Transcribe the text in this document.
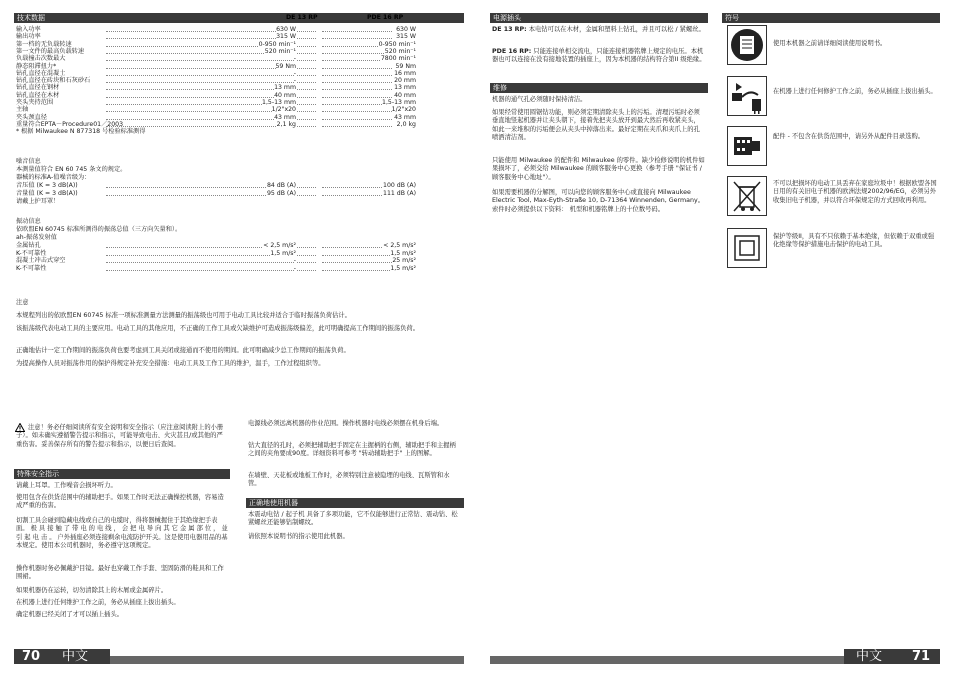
技术数据	DE 13 RP	PDE 16 RP
输入功率	630 W	630 W
输出功率	315 W	315 W
第一档的无负载转速	0-950 min⁻¹	0-950 min⁻¹
第一文件的最高负载转速	520 min⁻¹	520 min⁻¹
负载撞击次数最大	-	7800 min⁻¹
静态阻滞扭力*	59 Nm	59 Nm
钻孔直径在混凝土	-	16 mm
钻孔直径在砖块和石灰砂石	-	20 mm
钻孔直径在钢材	13 mm	13 mm
钻孔直径在木材	40 mm	40 mm
夹头夹持范围	1,5-13 mm	1,5-13 mm
主轴	1/2"x20	1/2"x20
夹头颈直径	43 mm	43 mm
重量符合EPTA－Procedure01／2003	2,1 kg	2,0 kg
* 根据 Milwaukee N 877318 号检验标准测得
噪音信息
本测量值符合 EN 60 745 条文的规定。
器械的标准A-值噪音级为：
音压值 (K = 3 dB(A))	84 dB (A)	100 dB (A)
音量值 (K = 3 dB(A))	95 dB (A)	111 dB (A)
请戴上护耳罩！
振动信息
依欧盟EN 60745 标准所测得的振荡总值（三方向矢量和）。
ah-振荡发射值
金属钻孔	< 2,5 m/s²	< 2,5 m/s²
K-不可靠性	1,5 m/s²	1,5 m/s²
混凝土冲击式穿空	-	25 m/s²
K-不可靠性	-	1,5 m/s²
注意
本规程列出的依欧盟EN 60745 标准一项标准测量方法测量的振荡级也可用于电动工具比较并适合于临时振荡负荷估计。
该振荡级代表电动工具的主要应用。电动工具的其他应用，不正确的工作工具或欠缺维护可造成振荡级偏差，此可明确提高工作期间的振荡负荷。
正确地估计一定工作期间的振荡负荷也要考虑到工具关闭或接通而不使用的期间。此可明确减少总工作期间的振荡负荷。
为提高操作人员对振荡作用的保护得规定补充安全措施：电动工具及工作工具的维护，温手，工作过程组织等。
注意！务必仔细阅读所有安全说明和安全指示（应注意阅读附上的小册子）。如未确实遵循警告提示和指示，可能导致电击、火灾甚且/或其他的严重伤害。妥善保存所有的警告提示和指示，以便日后查阅。
特殊安全指示
请戴上耳罩。工作噪音会损坏听力。
使用包含在供货范围中的辅助把手。如果工作时无法正确操控机器，容易造成严重的伤害。
切割工具会碰到隐藏电线或自己的电缆时，得将器械握住于其绝缘把手表面。 极 具 接 触 了 带 电 的 电 线 ， 会 把 电 导 向 其 它 金 属 部 位 ， 並 引 起 电 击 。 户外插座必须连接剩余电流防护开关。这是使用电器用品的基本规定。使用本公司机器时，务必遵守这项规定。
操作机器时务必佩戴护目镜。最好也穿戴工作手套、坚固防滑的鞋具和工作围裙。
如果机器仍在运转，切勿清除其上的木屑或金属碎片。
在机器上进行任何维护工作之前，务必从插座上拔出插头。
确定机器已经关闭了才可以插上插头。
电源线必须远离机器的作业范围。操作机器时电线必须摆在机身后端。
钻大直径的孔时，必须把辅助把手固定在主握柄的右侧，辅助把手和主握柄之间的夹角要成90度。详细资料可参考 "转动辅助把手" 上的图解。
在墙壁、天花板或地板工作时，必须特别注意被隐埋的电线、瓦斯管和水管。
正确地使用机器
本震动电钻 / 起子机 具备了多项功能，它不仅能够进行正常钻、震动钻、松紧螺丝还能够钻制螺纹。
请依照本说明书的指示使用此机器。
70 中文
电源插头
DE 13 RP: 本电钻可以在木材，金属和塑料上钻孔，并且可以松 / 紧螺丝。
PDE 16 RP: 只能连接单相交流电，只能连接机器铭牌上规定的电压。本机器也可以连接在没有接地装置的插座上，因为本机器的结构符合第II 级绝缘。
维修
机器的通气孔必须随时保持清洁。
如果经常使用圆锯钻功能，则必须定期清除夹头上的污垢。清理污垢时必须垂直地竖起机器并让夹头朝下，接着先把夹头放开到最大然后再收紧夹头，如此一来堆积的污垢便会从夹头中掉落出来。最好定期在夹爪和夹爪上的孔喷洒清洁剂。
只能使用 Milwaukee 的配件和 Milwaukee 的零件。缺少检修说明的机件如果损坏了，必须交给 Milwaukee 的顾客服务中心更换（参考手册 "保证书 / 顾客服务中心地址"）。
如果需要机器的分解图，可以向您的顾客服务中心或直接向 Milwaukee Electric Tool, Max-Eyth-Straße 10, D-71364 Winnenden, Germany。索件时必须提供以下资料： 机型和机器铭牌上的十位数号码。
符号
使用本机器之前请详细阅读使用说明书。
在机器上进行任何修护工作之前，务必从插座上拔出插头。
配件 - 不包含在供货范围中，请另外从配件目录选购。
不可以把损坏的电动工具丢弃在家庭垃圾中！根据欧盟各国日用的有关旧电子机器的欧洲法规2002/96/EG，必须另外收集旧电子机器，并以符合环保规定的方式回收再利用。
保护等级II，具有不只依赖于基本绝缘，但依赖于双重或强化绝缘等保护措施电击保护的电动工具。
中文 71
